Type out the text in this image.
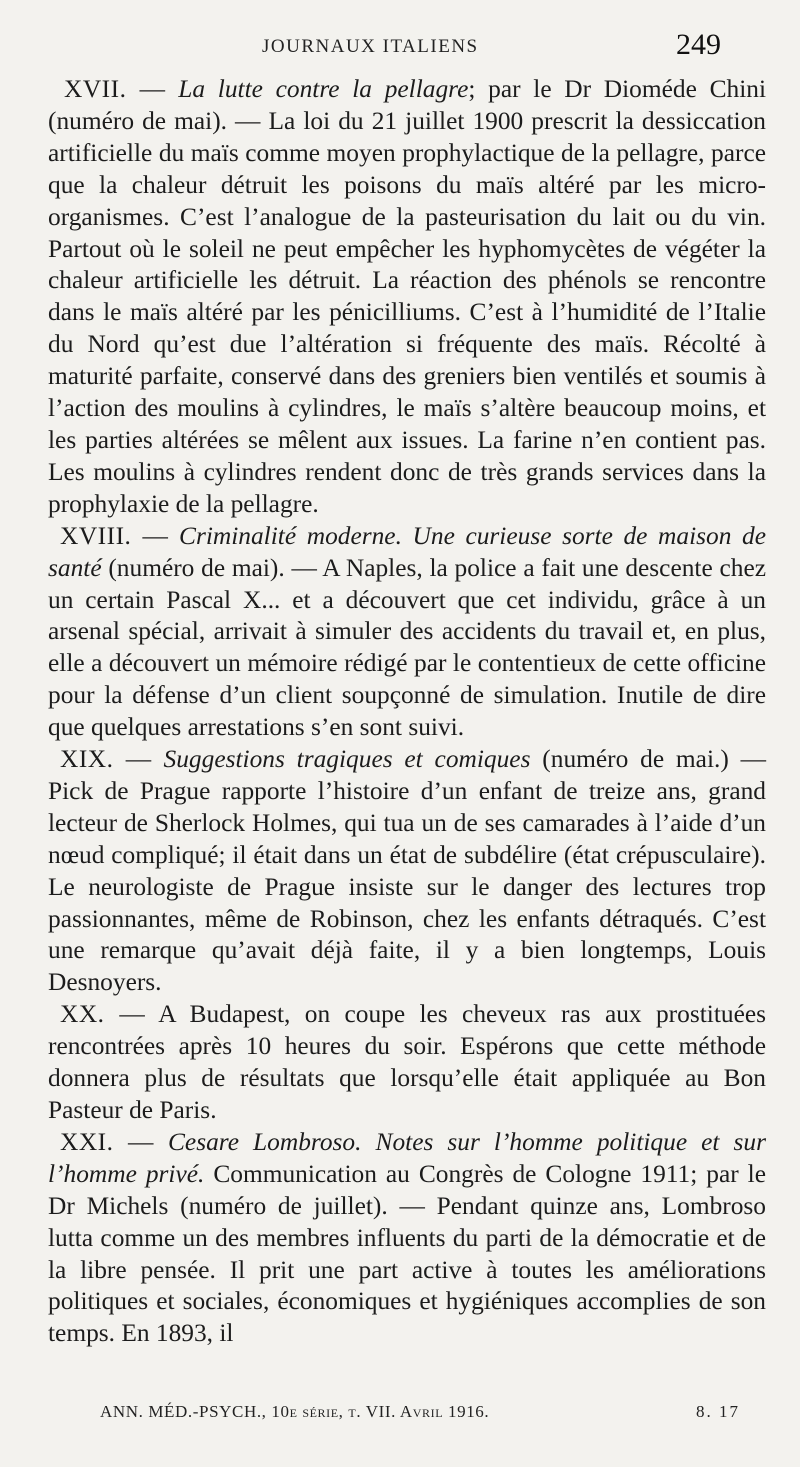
JOURNAUX ITALIENS	249

XVII. — La lutte contre la pellagre; par le Dr Dioméde Chini (numéro de mai). — La loi du 21 juillet 1900 prescrit la dessiccation artificielle du maïs comme moyen prophylactique de la pellagre, parce que la chaleur détruit les poisons du maïs altéré par les micro-organismes. C’est l’analogue de la pasteurisation du lait ou du vin. Partout où le soleil ne peut empêcher les hyphomycètes de végéter la chaleur artificielle les détruit. La réaction des phénols se rencontre dans le maïs altéré par les pénicilliums. C’est à l’humidité de l’Italie du Nord qu’est due l’altération si fréquente des maïs. Récolté à maturité parfaite, conservé dans des greniers bien ventilés et soumis à l’action des moulins à cylindres, le maïs s’altère beaucoup moins, et les parties altérées se mêlent aux issues. La farine n’en contient pas. Les moulins à cylindres rendent donc de très grands services dans la prophylaxie de la pellagre.

XVIII. — Criminalité moderne. Une curieuse sorte de maison de santé (numéro de mai). — A Naples, la police a fait une descente chez un certain Pascal X... et a découvert que cet individu, grâce à un arsenal spécial, arrivait à simuler des accidents du travail et, en plus, elle a découvert un mémoire rédigé par le contentieux de cette officine pour la défense d’un client soupçonné de simulation. Inutile de dire que quelques arrestations s’en sont suivi.

XIX. — Suggestions tragiques et comiques (numéro de mai.) — Pick de Prague rapporte l’histoire d’un enfant de treize ans, grand lecteur de Sherlock Holmes, qui tua un de ses camarades à l’aide d’un nœud compliqué; il était dans un état de subdélire (état crépusculaire). Le neurologiste de Prague insiste sur le danger des lectures trop passionnantes, même de Robinson, chez les enfants détraqués. C’est une remarque qu’avait déjà faite, il y a bien longtemps, Louis Desnoyers.

XX. — A Budapest, on coupe les cheveux ras aux prostituées rencontrées après 10 heures du soir. Espérons que cette méthode donnera plus de résultats que lorsqu’elle était appliquée au Bon Pasteur de Paris.

XXI. — Cesare Lombroso. Notes sur l’homme politique et sur l’homme privé. Communication au Congrès de Cologne 1911; par le Dr Michels (numéro de juillet). — Pendant quinze ans, Lombroso lutta comme un des membres influents du parti de la démocratie et de la libre pensée. Il prit une part active à toutes les améliorations politiques et sociales, économiques et hygiéniques accomplies de son temps. En 1893, il

ANN. MÉD.-PSYCH., 10e série, t. VII. Avril 1916.	8. 17
